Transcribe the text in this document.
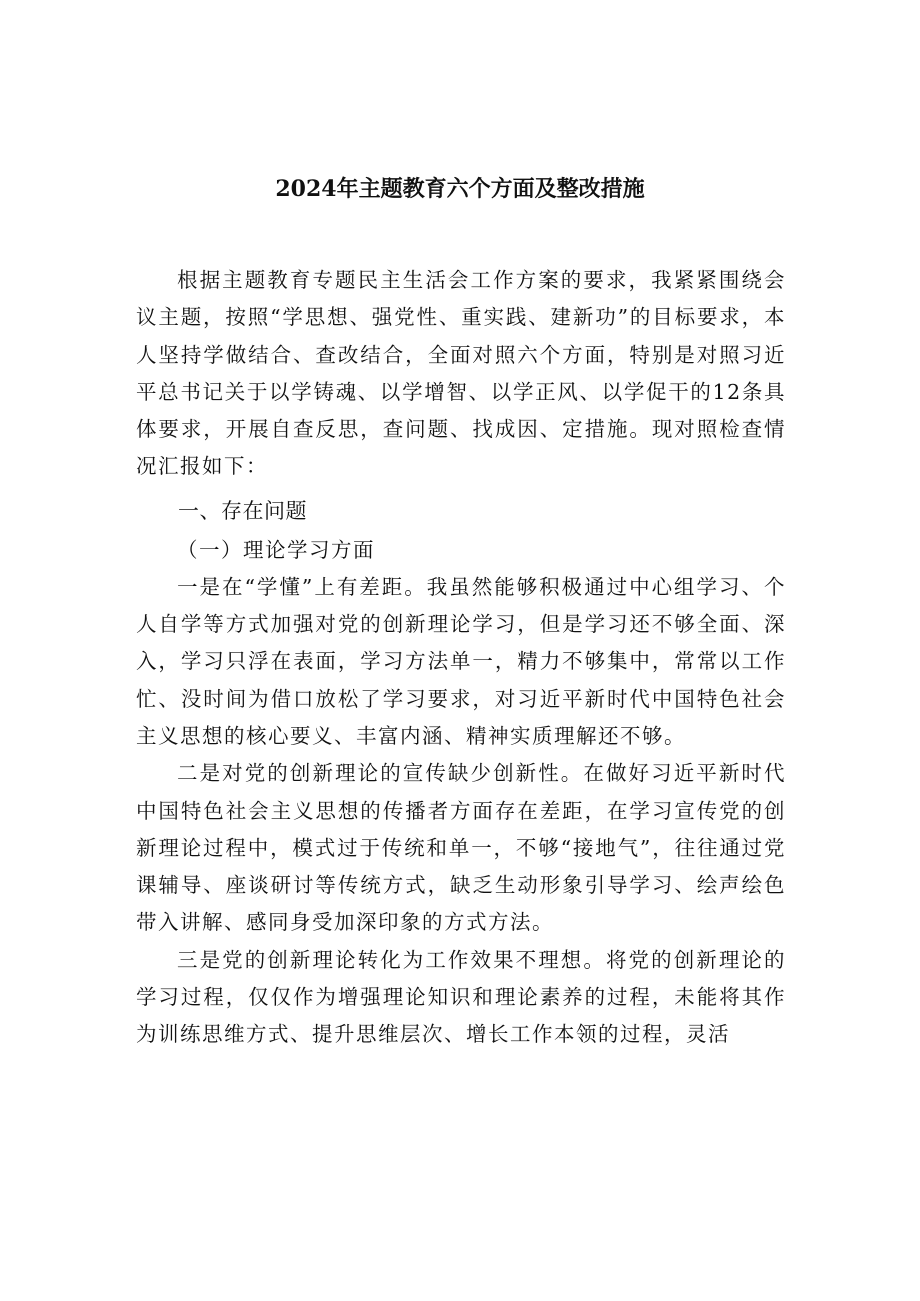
2024年主题教育六个方面及整改措施

根据主题教育专题民主生活会工作方案的要求，我紧紧围绕会议主题，按照“学思想、强党性、重实践、建新功”的目标要求，本人坚持学做结合、查改结合，全面对照六个方面，特别是对照习近平总书记关于以学铸魂、以学增智、以学正风、以学促干的12条具体要求，开展自查反思，查问题、找成因、定措施。现对照检查情况汇报如下：

一、存在问题

（一）理论学习方面

一是在“学懂”上有差距。我虽然能够积极通过中心组学习、个人自学等方式加强对党的创新理论学习，但是学习还不够全面、深入，学习只浮在表面，学习方法单一，精力不够集中，常常以工作忙、没时间为借口放松了学习要求，对习近平新时代中国特色社会主义思想的核心要义、丰富内涵、精神实质理解还不够。

二是对党的创新理论的宣传缺少创新性。在做好习近平新时代中国特色社会主义思想的传播者方面存在差距，在学习宣传党的创新理论过程中，模式过于传统和单一，不够“接地气”，往往通过党课辅导、座谈研讨等传统方式，缺乏生动形象引导学习、绘声绘色带入讲解、感同身受加深印象的方式方法。

三是党的创新理论转化为工作效果不理想。将党的创新理论的学习过程，仅仅作为增强理论知识和理论素养的过程，未能将其作为训练思维方式、提升思维层次、增长工作本领的过程，灵活
